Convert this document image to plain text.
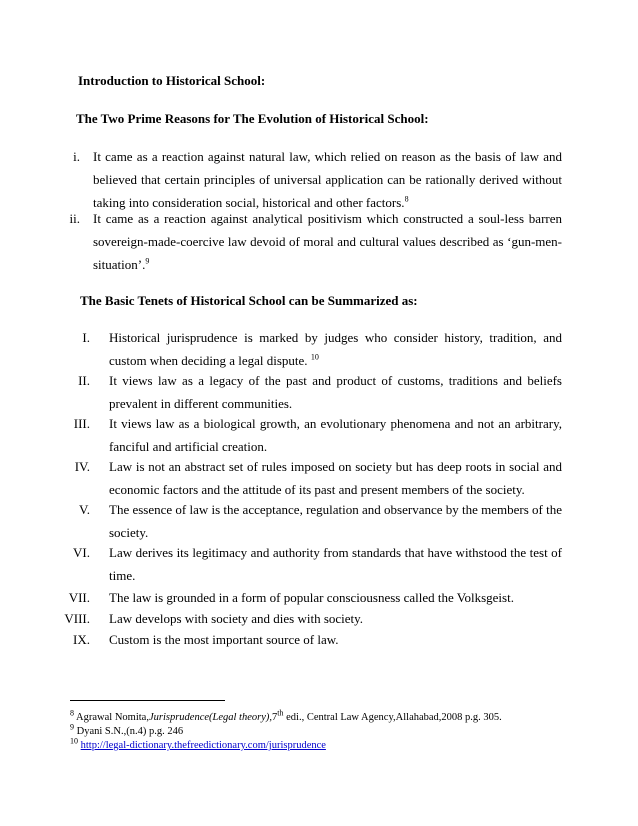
Introduction to Historical School:
The Two Prime Reasons for The Evolution of Historical School:
i. It came as a reaction against natural law, which relied on reason as the basis of law and believed that certain principles of universal application can be rationally derived without taking into consideration social, historical and other factors.$^8$
ii. It came as a reaction against analytical positivism which constructed a soul-less barren sovereign-made-coercive law devoid of moral and cultural values described as ‘gun-men-situation’.$^9$
The Basic Tenets of Historical School can be Summarized as:
I. Historical jurisprudence is marked by judges who consider history, tradition, and custom when deciding a legal dispute. $^{10}$
II. It views law as a legacy of the past and product of customs, traditions and beliefs prevalent in different communities.
III. It views law as a biological growth, an evolutionary phenomena and not an arbitrary, fanciful and artificial creation.
IV. Law is not an abstract set of rules imposed on society but has deep roots in social and economic factors and the attitude of its past and present members of the society.
V. The essence of law is the acceptance, regulation and observance by the members of the society.
VI. Law derives its legitimacy and authority from standards that have withstood the test of time.
VII. The law is grounded in a form of popular consciousness called the Volksgeist.
VIII. Law develops with society and dies with society.
IX. Custom is the most important source of law.
$^8$ Agrawal Nomita,Jurisprudence(Legal theory),7th edi., Central Law Agency,Allahabad,2008 p.g. 305.
$^9$ Dyani S.N.,(n.4) p.g. 246
$^{10}$ http://legal-dictionary.thefreedictionary.com/jurisprudence
